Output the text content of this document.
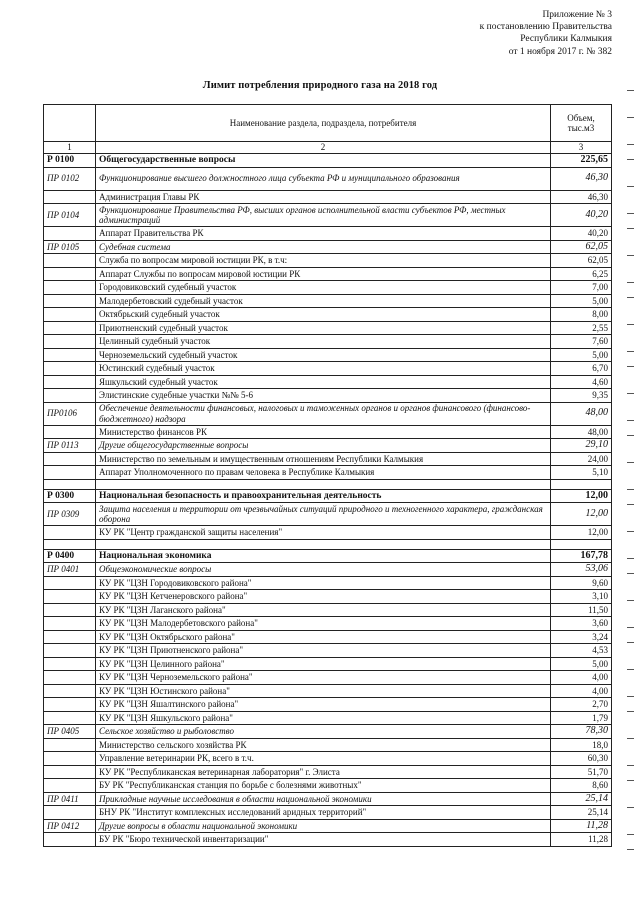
Приложение № 3
к постановлению Правительства
Республики Калмыкия
от 1 ноября 2017 г. № 382
Лимит потребления природного газа на 2018 год
	Наименование раздела, подраздела, потребителя	Объем, тыс.м3
1	2	3
Р 0100	Общегосударственные вопросы	225,65
ПР 0102	Функционирование высшего должностного лица субъекта РФ и муниципального образования	46,30
	Администрация Главы РК	46,30
ПР 0104	Функционирование Правительства РФ, высших органов исполнительной власти субъектов РФ, местных администраций	40,20
	Аппарат Правительства РК	40,20
ПР 0105	Судебная система	62,05
	Служба по вопросам мировой юстиции РК, в т.ч:	62,05
	Аппарат Службы по вопросам мировой юстиции РК	6,25
	Городовиковский судебный участок	7,00
	Малодербетовский судебный участок	5,00
	Октябрьский судебный участок	8,00
	Приютненский судебный участок	2,55
	Целинный судебный участок	7,60
	Черноземельский судебный участок	5,00
	Юстинский судебный участок	6,70
	Яшкульский судебный участок	4,60
	Элистинские судебные участки №№ 5-6	9,35
ПР0106	Обеспечение деятельности финансовых, налоговых и таможенных органов и органов финансового (финансово-бюджетного) надзора	48,00
	Министерство финансов РК	48,00
ПР 0113	Другие общегосударственные вопросы	29,10
	Министерство по земельным и имущественным отношениям Республики Калмыкия	24,00
	Аппарат Уполномоченного по правам человека в Республике Калмыкия	5,10

Р 0300	Национальная безопасность и правоохранительная деятельность	12,00
ПР 0309	Защита населения и территории от чрезвычайных ситуаций природного и техногенного характера, гражданская оборона	12,00
	КУ РК "Центр гражданской защиты населения"	12,00

Р 0400	Национальная экономика	167,78
ПР 0401	Общеэкономические вопросы	53,06
	КУ РК "ЦЗН Городовиковского района"	9,60
	КУ РК "ЦЗН Кетченеровского района"	3,10
	КУ РК "ЦЗН Лаганского района"	11,50
	КУ РК "ЦЗН Малодербетовского района"	3,60
	КУ РК "ЦЗН Октябрьского района"	3,24
	КУ РК "ЦЗН Приютненского района"	4,53
	КУ РК "ЦЗН Целинного района"	5,00
	КУ РК "ЦЗН Черноземельского района"	4,00
	КУ РК "ЦЗН Юстинского района"	4,00
	КУ РК "ЦЗН Яшалтинского района"	2,70
	КУ РК "ЦЗН Яшкульского района"	1,79
ПР 0405	Сельское хозяйство и рыболовство	78,30
	Министерство сельского хозяйства РК	18,0
	Управление ветеринарии РК, всего в т.ч.	60,30
	КУ РК "Республиканская ветеринарная лаборатория" г. Элиста	51,70
	БУ РК "Республиканская станция по борьбе с болезнями животных"	8,60
ПР 0411	Прикладные научные исследования в области национальной экономики	25,14
	БНУ РК "Институт комплексных исследований аридных территорий"	25,14
ПР 0412	Другие вопросы в области национальной экономики	11,28
	БУ РК "Бюро технической инвентаризации"	11,28
